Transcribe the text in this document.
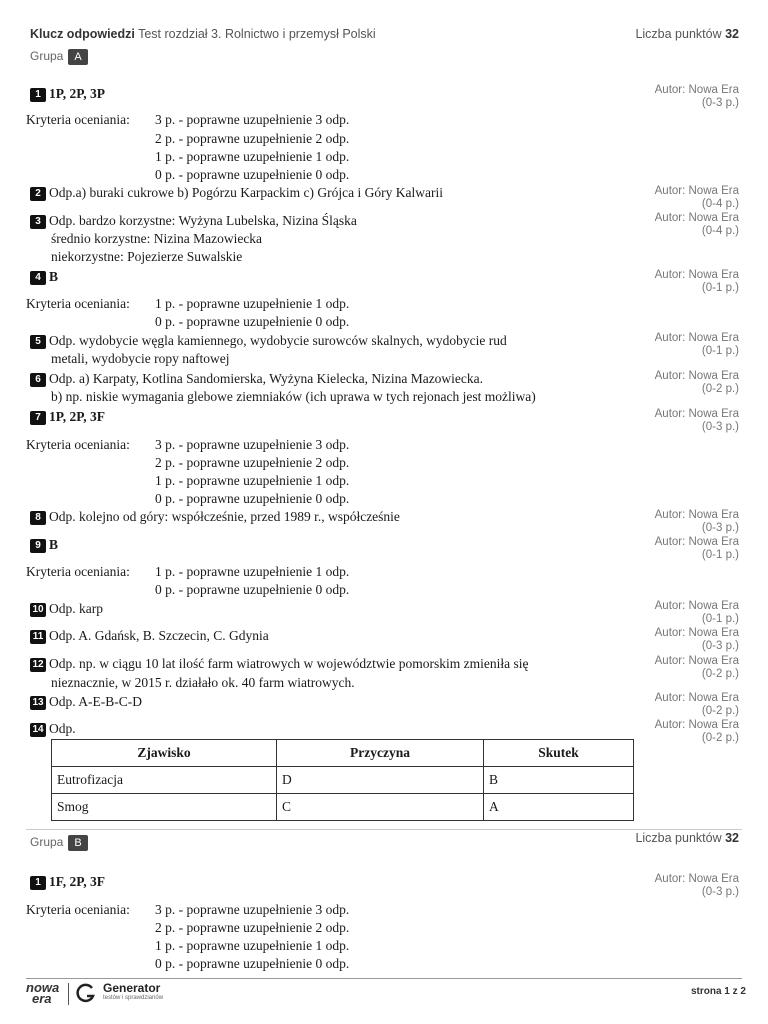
Klucz odpowiedzi Test rozdział 3. Rolnictwo i przemysł Polski	Liczba punktów 32
Grupa A
1 1P, 2P, 3P	Autor: Nowa Era
(0-3 p.)
Kryteria oceniania: 3 p. - poprawne uzupełnienie 3 odp.
2 p. - poprawne uzupełnienie 2 odp.
1 p. - poprawne uzupełnienie 1 odp.
0 p. - poprawne uzupełnienie 0 odp.
2 Odp.a) buraki cukrowe b) Pogórzu Karpackim c) Grójca i Góry Kalwarii	Autor: Nowa Era
(0-4 p.)
3 Odp. bardzo korzystne: Wyżyna Lubelska, Nizina Śląska
średnio korzystne: Nizina Mazowiecka
niekorzystne: Pojezierze Suwalskie
Autor: Nowa Era
(0-4 p.)
4 B	Autor: Nowa Era
(0-1 p.)
Kryteria oceniania: 1 p. - poprawne uzupełnienie 1 odp.
0 p. - poprawne uzupełnienie 0 odp.
5 Odp. wydobycie węgla kamiennego, wydobycie surowców skalnych, wydobycie rud
metali, wydobycie ropy naftowej
Autor: Nowa Era
(0-1 p.)
6 Odp. a) Karpaty, Kotlina Sandomierska, Wyżyna Kielecka, Nizina Mazowiecka.
b) np. niskie wymagania glebowe ziemniaków (ich uprawa w tych rejonach jest możliwa)
Autor: Nowa Era
(0-2 p.)
7 1P, 2P, 3F	Autor: Nowa Era
(0-3 p.)
Kryteria oceniania: 3 p. - poprawne uzupełnienie 3 odp.
2 p. - poprawne uzupełnienie 2 odp.
1 p. - poprawne uzupełnienie 1 odp.
0 p. - poprawne uzupełnienie 0 odp.
8 Odp. kolejno od góry: współcześnie, przed 1989 r., współcześnie	Autor: Nowa Era
(0-3 p.)
9 B	Autor: Nowa Era
(0-1 p.)
Kryteria oceniania: 1 p. - poprawne uzupełnienie 1 odp.
0 p. - poprawne uzupełnienie 0 odp.
10 Odp. karp	Autor: Nowa Era
(0-1 p.)
11 Odp. A. Gdańsk, B. Szczecin, C. Gdynia	Autor: Nowa Era
(0-3 p.)
12 Odp. np. w ciągu 10 lat ilość farm wiatrowych w województwie pomorskim zmieniła się
nieznacznie, w 2015 r. działało ok. 40 farm wiatrowych.
Autor: Nowa Era
(0-2 p.)
13 Odp. A-E-B-C-D	Autor: Nowa Era
(0-2 p.)
14 Odp.	Autor: Nowa Era
(0-2 p.)
Zjawisko	Przyczyna	Skutek
Eutrofizacja	D	B
Smog	C	A
Grupa B	Liczba punktów 32
1 1F, 2P, 3F	Autor: Nowa Era
(0-3 p.)
Kryteria oceniania: 3 p. - poprawne uzupełnienie 3 odp.
2 p. - poprawne uzupełnienie 2 odp.
1 p. - poprawne uzupełnienie 1 odp.
0 p. - poprawne uzupełnienie 0 odp.
nowa
era
Generator
testów i sprawdzianów
strona 1 z 2
